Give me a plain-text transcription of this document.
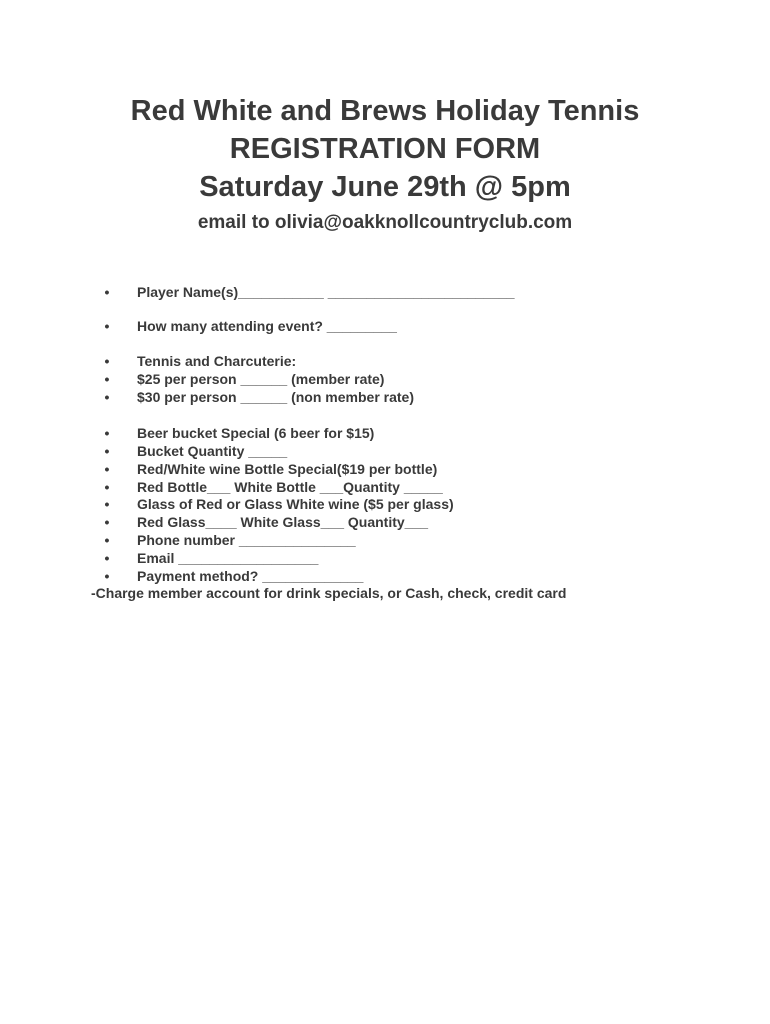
Red White and Brews Holiday Tennis
REGISTRATION FORM
Saturday June 29th @ 5pm
email to olivia@oakknollcountryclub.com
• Player Name(s)___________ ________________________
• How many attending event? _________
• Tennis and Charcuterie:
• $25 per person ______ (member rate)
• $30 per person ______ (non member rate)
• Beer bucket Special (6 beer for $15)
• Bucket Quantity _____
• Red/White wine Bottle Special($19 per bottle)
• Red Bottle___ White Bottle ___Quantity _____
• Glass of Red or Glass White wine ($5 per glass)
• Red Glass____ White Glass___ Quantity___
• Phone number _______________
• Email __________________
• Payment method? _____________
-Charge member account for drink specials, or Cash, check, credit card
